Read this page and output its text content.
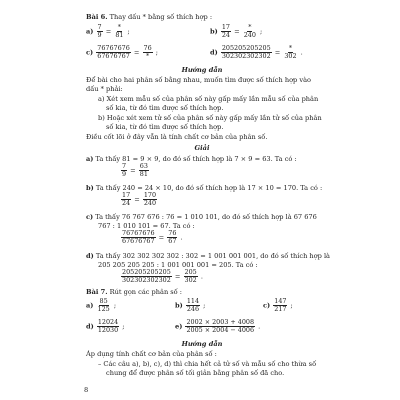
Bài 6. Thay dấu * bằng số thích hợp :
$a) \frac{7}{9} = \frac{*}{81}$ ;	$b) \frac{17}{24} = \frac{*}{240}$ ;
$c) \frac{76767676}{67676767} = \frac{76}{*}$ ;	$d) \frac{205205205205}{302302302302} = \frac{*}{302}$ .
Hướng dẫn
Để bài cho hai phân số bằng nhau, muốn tìm được số thích hợp vào
dấu * phải:
a) Xét xem mẫu số của phân số này gấp mấy lần mẫu số của phân
số kia, từ đó tìm được số thích hợp.
b) Hoặc xét xem tử số của phân số này gấp mấy lần tử số của phân
số kia, từ đó tìm được số thích hợp.
Điều cốt lõi ở đây vẫn là tính chất cơ bản của phân số.
Giải
a) Ta thấy 81 = 9 × 9, do đó số thích hợp là 7 × 9 = 63. Ta có :
$\frac{7}{9} = \frac{63}{81}$
b) Ta thấy 240 = 24 × 10, do đó số thích hợp là 17 × 10 = 170. Ta có :
$\frac{17}{24} = \frac{170}{240}$
c) Ta thấy 76 767 676 : 76 = 1 010 101, do đó số thích hợp là 67 676
767 : 1 010 101 = 67. Ta có :
$\frac{76767676}{67676767} = \frac{76}{67}$ .
d) Ta thấy 302 302 302 302 : 302 = 1 001 001 001, do đó số thích hợp là
205 205 205 205 : 1 001 001 001 = 205. Ta có :
$\frac{205205205205}{302302302302} = \frac{205}{302}$ .
Bài 7. Rút gọn các phân số :
$a) \frac{85}{125}$ ;	$b) \frac{114}{246}$ ;	$c) \frac{147}{217}$ ;
$d) \frac{12024}{12030}$ ;	$e) \frac{2002 \times 2003 + 4008}{2005 \times 2004 - 4006}$ .
Hướng dẫn
Áp dụng tính chất cơ bản của phân số :
– Các câu a), b), c), d) thì chia hết cả tử số và mẫu số cho thừa số
chung để được phân số tối giản bằng phân số đã cho.
8
